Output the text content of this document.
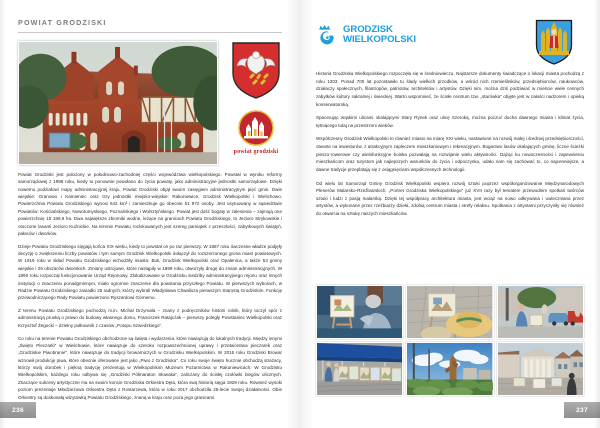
POWIAT GRODZISKI
powiat grodziski

Powiat Grodziski jest położony w południowo-zachodniej części województwa wielkopolskiego. Powstał w wyniku reformy samorządowej z 1998 roku, kiedy to ponownie powołano do życia powiaty, jako administracyjne jednostki samorządowe. Dzięki nowemu podziałowi mapy administracyjnej kraju, Powiat Grodziski objął swoim zasięgiem administracyjnym pięć gmin. Dwie wiejskie: Granowo i Kamieniec oraz trzy jednostki miejsko-wiejskie: Rakoniewice, Grodzisk Wielkopolski i Wielichowo. Powierzchnia Powiatu Grodziskiego wynosi 642 km² i zamieszkuje go obecnie 51 972 osoby. Jest usytuowany w sąsiedztwie Powiatów: Kościańskiego, Nowotomyskiego, Poznańskiego i Wolsztyńskiego. Powiat jest dość bogaty w zalesienia – zajmują one powierzchnię 15 198,9 ha. Dwa największe zbiorniki wodne, leżące na granicach Powiatu Grodziskiego, to Jezioro Strykowskie i otoczone lasami Jezioro Kuźnickie. Na terenie Powiatu rozlokowanych jest szereg pamiątek z przeszłości, zabytkowych świątyń, pałaców i dworków.

Dzieje Powiatu Grodziskiego sięgają końca XIX wieku, kiedy to powstał on po raz pierwszy. W 1887 roku ówczesne władze podjęły decyzję o zwiększeniu liczby powiatów i tym samym Grodzisk Wielkopolski dołączył do rozszerzonego grona miast powiatowych. W 1919 roku w skład Powiatu Grodziskiego wchodziły miasta: Buk, Grodzisk Wielkopolski oraz Opalenica, a także 53 gminy wiejskie i 25 obszarów dworskich. Zmiany ustrojowe, które nastąpiły w 1989 roku, otworzyły drogę do zmian administracyjnych. W 1990 roku rozpoczął funkcjonowanie Urząd Rejonowy. Zlokalizowanie w Grodzisku siedziby administracyjnego rejonu oraz innych instytucji o znaczeniu ponadgminnym, miało ogromne znaczenie dla powstania przyszłego Powiatu. W pierwszych wyborach, w Radzie Powiatu Grodziskiego zasiadło 25 radnych, którzy wybrali Władysława Chwalisza pierwszym Starostą Grodziskim. Funkcję przewodniczącego Rady Powiatu powierzono Ryszardowi Górnemu.

Z terenu Powiatu Grodziskiego pochodzą m.in. Michał Drzymała – znany z podręczników historii rolnik, który toczył spór z administracją pruską o prawo do budowy własnego domu, Franciszek Ratajczak – pierwszy poległy Powstaniec Wielkopolski oraz Krzysztof Żegocki – dzielny pułkownik z czasów „Potopu Szwedzkiego".

Co roku na terenie Powiatu Grodziskiego obchodzone są święta i wydarzenia, które nawiązują do lokalnych tradycji. Między innymi „Święto Pieczarki" w Wielichowie, które nawiązuje do szeroko rozpowszechnionej uprawy i przetwórstwa pieczarek oraz „Grodziskie Piwobranie", które nawiązuje do tradycji browarniczych w Grodzisku Wielkopolskim. W 2015 roku Grodziski Browar wznowił produkcję piwa, które obecnie oferowane jest jako „Piwo z Grodziska". Co roku swoje święto hucznie obchodzą strażacy, którzy swój dorobek i piękną tradycję prezentują w Wielkopolskim Muzeum Pożarnictwa w Rakoniewicach. W Grodzisku Wielkopolskim, każdego roku odbywa się „Grodziski Półmaraton Słowaka", zaliczany do ścisłej czołówki biegów ulicznych. Znaczące sukcesy artystyczne ma na swoim koncie Grodziska Orkiestra Dęta, która swą historią sięga 1929 roku. Również wysoki poziom prezentuje Młodzieżowa Orkiestra Dęta z Rostarzewa, która w roku 2017 obchodziła 25-lecie swojej działalności. Obie Orkiestry są doskonałą wizytówką Powiatu Grodziskiego, znaną w kraju oraz poza jego granicami.

236
GRODZISK
WIELKOPOLSKI

Historia Grodziska Wielkopolskiego rozpoczęła się w średniowieczu. Najstarsze dokumenty świadczące o lokacji miasta pochodzą z roku 1303. Ponad 700 lat pozostawiło tu ślady wielkich przodków, a wśród nich rzemieślników, przedsiębiorców, naukowców, działaczy społecznych, filantropów, patriotów, architektów i artystów. Dzięki nim, można dziś podziwiać w mieście wiele cennych zabytków kultury sakralnej i świeckiej. Warto wspomnieć, że ścisłe centrum tzw. „starówka" objęte jest w całości nadzorem i opieką konserwatorską.

Spacerując wąskimi ulicami okalającymi Stary Rynek oraz ulicę Szeroką, można poczuć ducha dawnego miasta i klimat życia, tętniącego tutaj na przestrzeni wieków.

Współczesny Grodzisk Wielkopolski to również miasto na miarę XXI wieku, nastawione na rozwój małej i średniej przedsiębiorczości, otwarte na inwestorów, z atrakcyjnym zapleczem mieszkaniowym i rekreacyjnym. Bogactwo lasów okalających gminę, liczne ścieżki pieszo-rowerowe czy wielofunkcyjne boiska pozwalają na rozwijanie wielu aktywności. Dążąc ku nowoczesności i zapewnieniu mieszkańcom oraz turystom jak najlepszych warunków do życia i odpoczynku, udało nam się zachować to, co najcenniejsze, a dawne tradycje przeplatają się z osiągnięciami współczesnych technologii.

Od wielu lat Samorząd Gminy Grodzisk Wielkopolski wspiera rozwój sztuki poprzez współorganizowanie Międzynarodowych Plenerów Malarsko-Rzeźbiarskich. „Portret Grodziska Wielkopolskiego" już XVII razy był tematem przewodnim spotkań twórców sztuki i ludzi z pasją malarską. Dzięki tej współpracy architektura miasta, jest wciąż na nowo odkrywana i uwieczniana przez artystów, a wykonane przez rzeźbiarzy dzieła, zdobią centrum miasta i strefy relaksu. Spotkania z artystami przyczyniły się również do otwarcia na sztukę naszych mieszkańców.

237
